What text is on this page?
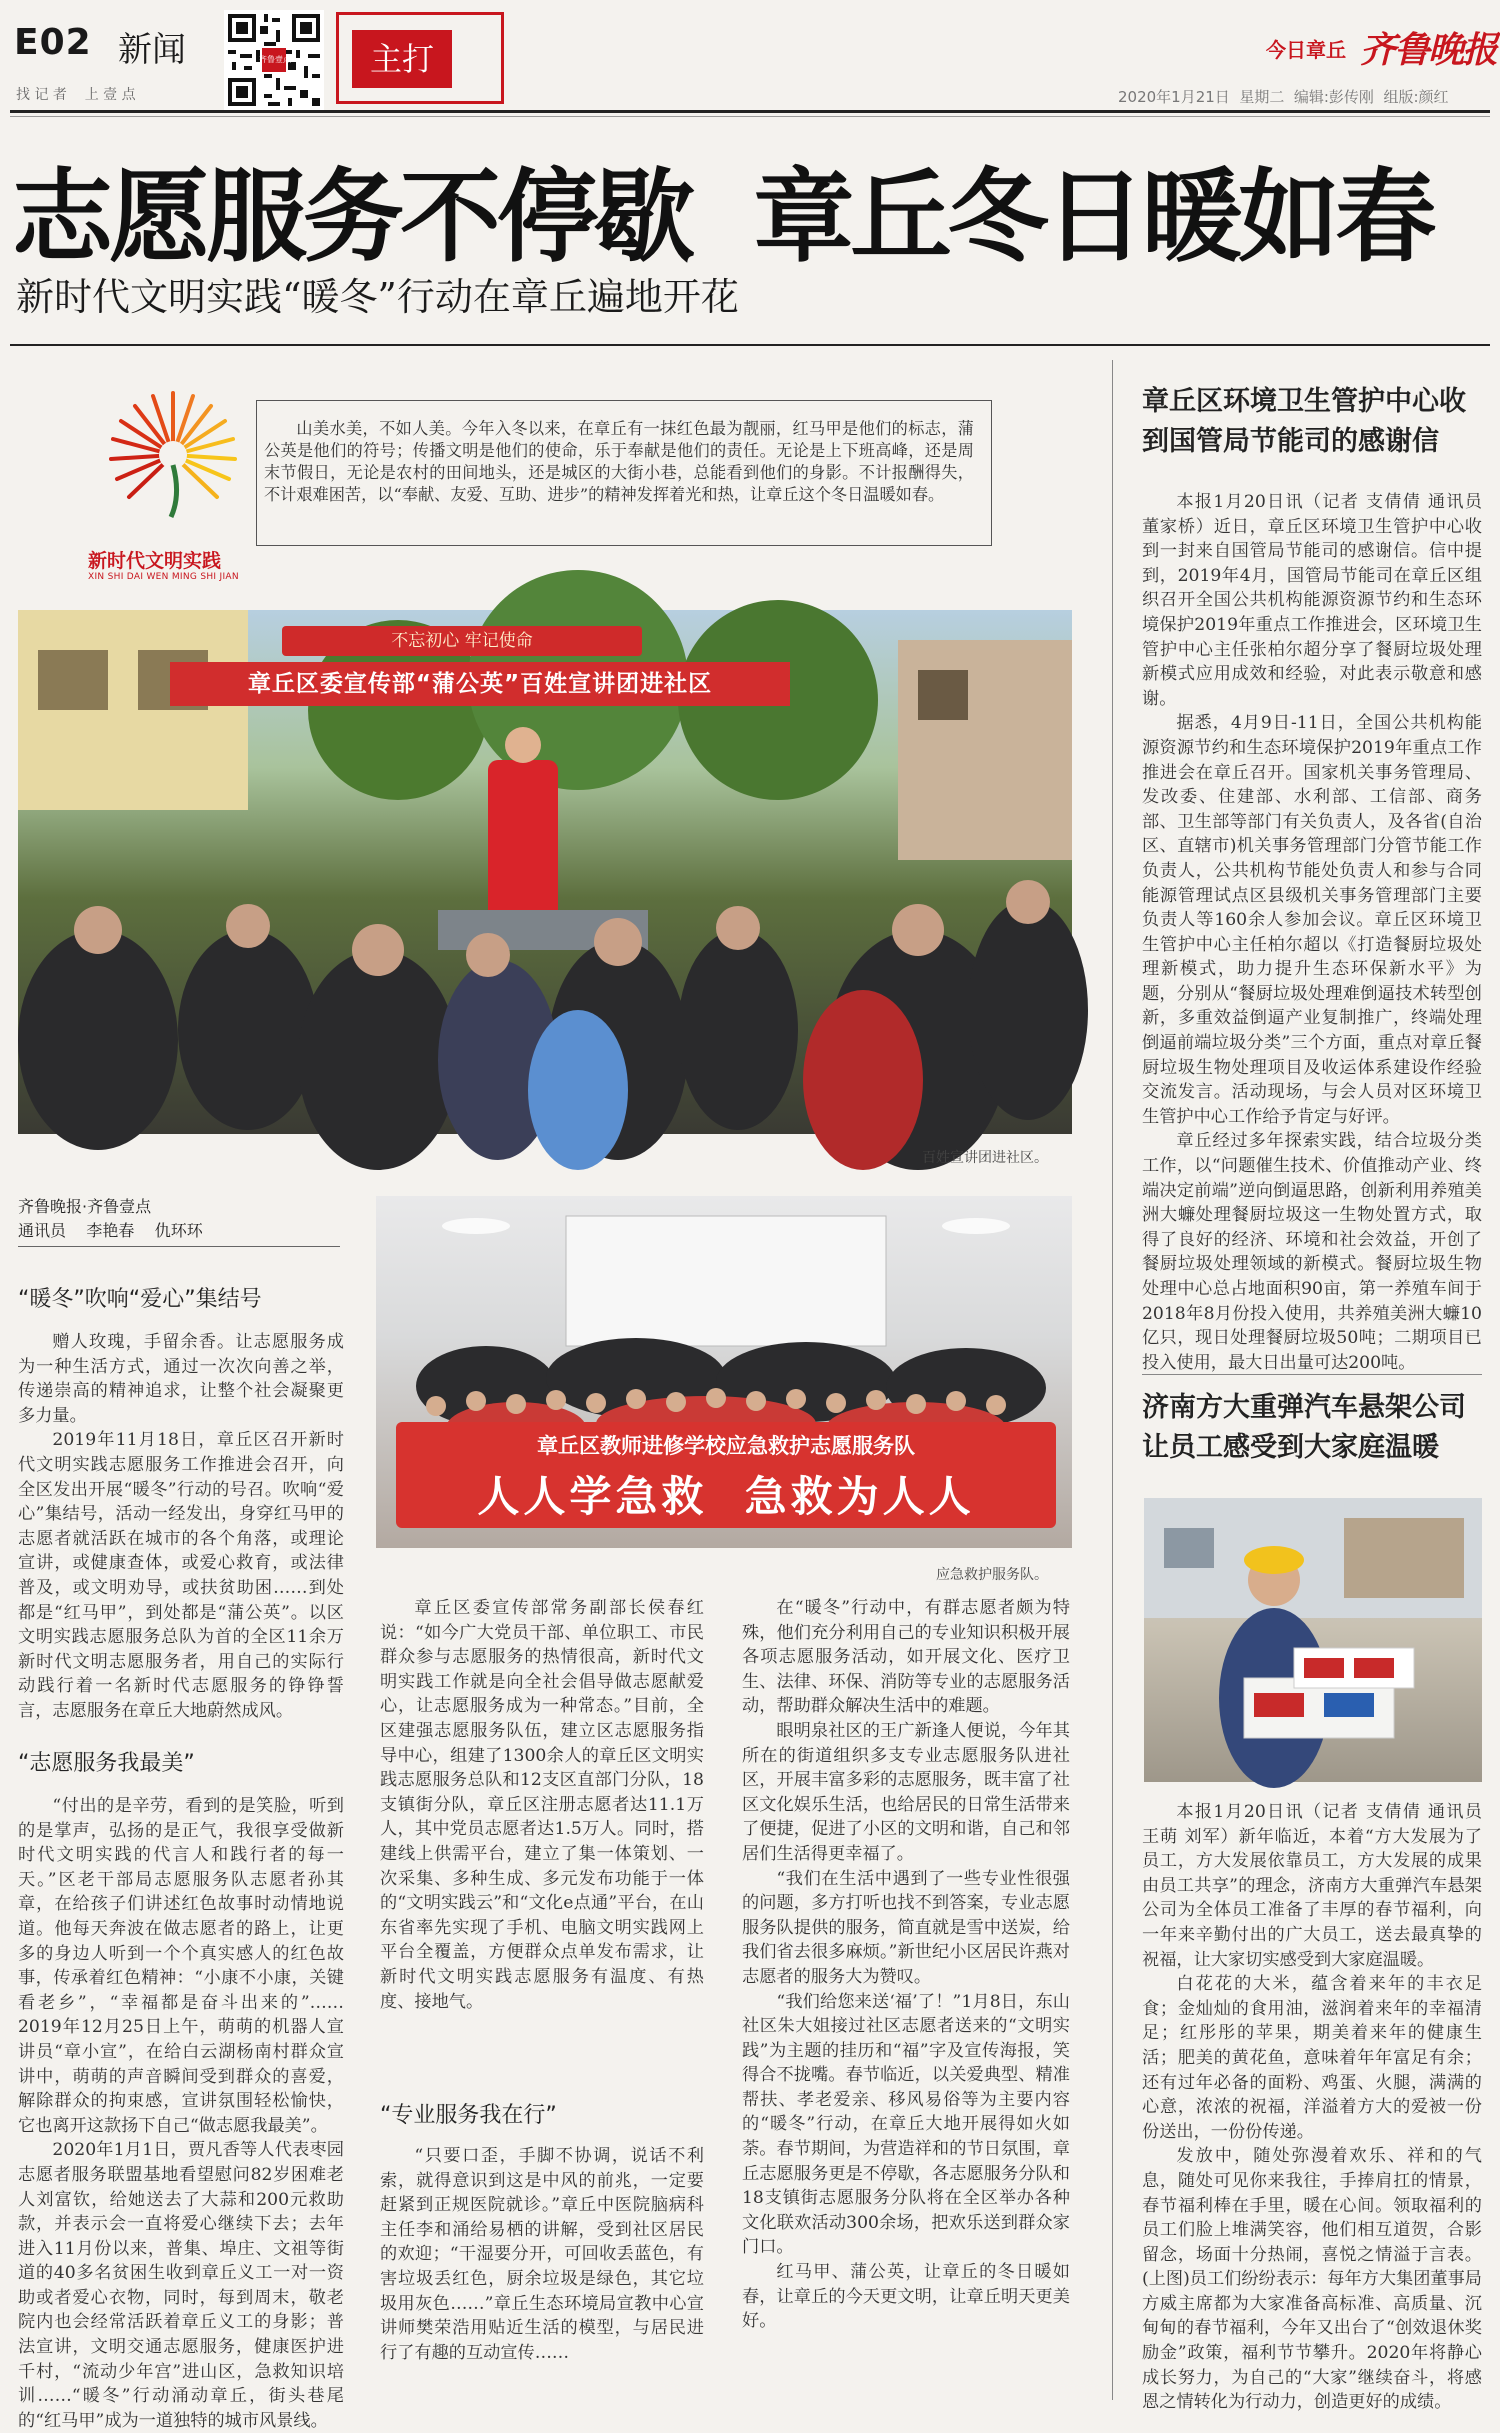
E02 新闻
找 记 者    上 壹 点
齐鲁壹点	主打	今日章丘 齐鲁晚报
2020年1月21日  星期二  编辑:彭传刚  组版:颜红
志愿服务不停歇  章丘冬日暖如春
新时代文明实践“暖冬”行动在章丘遍地开花
新时代文明实践
XIN SHI DAI WEN MING SHI JIAN

山美水美，不如人美。今年入冬以来，在章丘有一抹红色最为靓丽，红马甲是他们的标志，蒲公英是他们的符号；传播文明是他们的使命，乐于奉献是他们的责任。无论是上下班高峰，还是周末节假日，无论是农村的田间地头，还是城区的大街小巷，总能看到他们的身影。不计报酬得失，不计艰难困苦，以“奉献、友爱、互助、进步”的精神发挥着光和热，让章丘这个冬日温暖如春。

不忘初心 牢记使命
章丘区委宣传部“蒲公英”百姓宣讲团进社区
百姓宣讲团进社区。
齐鲁晚报·齐鲁壹点
通讯员    李艳春    仇环环
章丘区教师进修学校应急救护志愿服务队
人人学急救  急救为人人
应急救护服务队。
“暖冬”吹响“爱心”集结号

赠人玫瑰，手留余香。让志愿服务成为一种生活方式，通过一次次向善之举，传递崇高的精神追求，让整个社会凝聚更多力量。

2019年11月18日，章丘区召开新时代文明实践志愿服务工作推进会召开，向全区发出开展“暖冬”行动的号召。吹响“爱心”集结号，活动一经发出，身穿红马甲的志愿者就活跃在城市的各个角落，或理论宣讲，或健康查体，或爱心救育，或法律普及，或文明劝导，或扶贫助困……到处都是“红马甲”，到处都是“蒲公英”。以区文明实践志愿服务总队为首的全区11余万新时代文明志愿服务者，用自己的实际行动践行着一名新时代志愿服务的铮铮誓言，志愿服务在章丘大地蔚然成风。

“志愿服务我最美”

“付出的是辛劳，看到的是笑脸，听到的是掌声，弘扬的是正气，我很享受做新时代文明实践的代言人和践行者的每一天。”区老干部局志愿服务队志愿者孙其章，在给孩子们讲述红色故事时动情地说道。他每天奔波在做志愿者的路上，让更多的身边人听到一个个真实感人的红色故事，传承着红色精神：“小康不小康，关键看老乡”，“幸福都是奋斗出来的”……2019年12月25日上午，萌萌的机器人宣讲员“章小宣”，在给白云湖杨南村群众宣讲中，萌萌的声音瞬间受到群众的喜爱，解除群众的拘束感，宣讲氛围轻松愉快，它也离开这款扬下自己“做志愿我最美”。

2020年1月1日，贾凡香等人代表枣园志愿者服务联盟基地看望慰问82岁困难老人刘富钦，给她送去了大蒜和200元救助款，并表示会一直将爱心继续下去；去年进入11月份以来，普集、埠庄、文祖等街道的40多名贫困生收到章丘义工一对一资助或者爱心衣物，同时，每到周末，敬老院内也会经常活跃着章丘义工的身影；普法宣讲，文明交通志愿服务，健康医护进千村，“流动少年宫”进山区，急救知识培训……“暖冬”行动涌动章丘，街头巷尾的“红马甲”成为一道独特的城市风景线。

章丘区委宣传部常务副部长侯春红说：“如今广大党员干部、单位职工、市民群众参与志愿服务的热情很高，新时代文明实践工作就是向全社会倡导做志愿献爱心，让志愿服务成为一种常态。”目前，全区建强志愿服务队伍，建立区志愿服务指导中心，组建了1300余人的章丘区文明实践志愿服务总队和12支区直部门分队，18支镇街分队，章丘区注册志愿者达11.1万人，其中党员志愿者达1.5万人。同时，搭建线上供需平台，建立了集一体策划、一次采集、多种生成、多元发布功能于一体的“文明实践云”和“文化e点通”平台，在山东省率先实现了手机、电脑文明实践网上平台全覆盖，方便群众点单发布需求，让新时代文明实践志愿服务有温度、有热度、接地气。

“专业服务我在行”

“只要口歪，手脚不协调，说话不利索，就得意识到这是中风的前兆，一定要赶紧到正规医院就诊。”章丘中医院脑病科主任李和涌给易栖的讲解，受到社区居民的欢迎；“干湿要分开，可回收丢蓝色，有害垃圾丢红色，厨余垃圾是绿色，其它垃圾用灰色……”章丘生态环境局宣教中心宣讲师樊荣浩用贴近生活的模型，与居民进行了有趣的互动宣传……

在“暖冬”行动中，有群志愿者颇为特殊，他们充分利用自己的专业知识积极开展各项志愿服务活动，如开展文化、医疗卫生、法律、环保、消防等专业的志愿服务活动，帮助群众解决生活中的难题。

眼明泉社区的王广新逢人便说，今年其所在的街道组织多支专业志愿服务队进社区，开展丰富多彩的志愿服务，既丰富了社区文化娱乐生活，也给居民的日常生活带来了便捷，促进了小区的文明和谐，自己和邻居们生活得更幸福了。

“我们在生活中遇到了一些专业性很强的问题，多方打听也找不到答案，专业志愿服务队提供的服务，简直就是雪中送炭，给我们省去很多麻烦。”新世纪小区居民许燕对志愿者的服务大为赞叹。

“我们给您来送‘福’了！”1月8日，东山社区朱大姐接过社区志愿者送来的“文明实践”为主题的挂历和“福”字及宣传海报，笑得合不拢嘴。春节临近，以关爱典型、精准帮扶、孝老爱亲、移风易俗等为主要内容的“暖冬”行动，在章丘大地开展得如火如荼。春节期间，为营造祥和的节日氛围，章丘志愿服务更是不停歇，各志愿服务分队和18支镇街志愿服务分队将在全区举办各种文化联欢活动300余场，把欢乐送到群众家门口。

红马甲、蒲公英，让章丘的冬日暖如春，让章丘的今天更文明，让章丘明天更美好。

章丘区环境卫生管护中心收到国管局节能司的感谢信

本报1月20日讯（记者 支倩倩 通讯员 董家桥）近日，章丘区环境卫生管护中心收到一封来自国管局节能司的感谢信。信中提到，2019年4月，国管局节能司在章丘区组织召开全国公共机构能源资源节约和生态环境保护2019年重点工作推进会，区环境卫生管护中心主任张柏尔超分享了餐厨垃圾处理新模式应用成效和经验，对此表示敬意和感谢。

据悉，4月9日-11日，全国公共机构能源资源节约和生态环境保护2019年重点工作推进会在章丘召开。国家机关事务管理局、发改委、住建部、水利部、工信部、商务部、卫生部等部门有关负责人，及各省(自治区、直辖市)机关事务管理部门分管节能工作负责人，公共机构节能处负责人和参与合同能源管理试点区县级机关事务管理部门主要负责人等160余人参加会议。章丘区环境卫生管护中心主任柏尔超以《打造餐厨垃圾处理新模式，助力提升生态环保新水平》为题，分别从“餐厨垃圾处理难倒逼技术转型创新，多重效益倒逼产业复制推广，终端处理倒逼前端垃圾分类”三个方面，重点对章丘餐厨垃圾生物处理项目及收运体系建设作经验交流发言。活动现场，与会人员对区环境卫生管护中心工作给予肯定与好评。

章丘经过多年探索实践，结合垃圾分类工作，以“问题催生技术、价值推动产业、终端决定前端”逆向倒逼思路，创新利用养殖美洲大蠊处理餐厨垃圾这一生物处置方式，取得了良好的经济、环境和社会效益，开创了餐厨垃圾处理领域的新模式。餐厨垃圾生物处理中心总占地面积90亩，第一养殖车间于2018年8月份投入使用，共养殖美洲大蠊10亿只，现日处理餐厨垃圾50吨；二期项目已投入使用，最大日出量可达200吨。

济南方大重弹汽车悬架公司让员工感受到大家庭温暖

本报1月20日讯（记者 支倩倩 通讯员 王萌 刘军）新年临近，本着“方大发展为了员工，方大发展依靠员工，方大发展的成果由员工共享”的理念，济南方大重弹汽车悬架公司为全体员工准备了丰厚的春节福利，向一年来辛勤付出的广大员工，送去最真挚的祝福，让大家切实感受到大家庭温暖。

白花花的大米，蕴含着来年的丰衣足食；金灿灿的食用油，滋润着来年的幸福清足；红彤彤的苹果，期美着来年的健康生活；肥美的黄花鱼，意味着年年富足有余；还有过年必备的面粉、鸡蛋、火腿，满满的心意，浓浓的祝福，洋溢着方大的爱被一份份送出，一份份传递。

发放中，随处弥漫着欢乐、祥和的气息，随处可见你来我往，手捧肩扛的情景，春节福利棒在手里，暖在心间。领取福利的员工们脸上堆满笑容，他们相互道贺，合影留念，场面十分热闹，喜悦之情溢于言表。(上图)员工们纷纷表示：每年方大集团董事局方威主席都为大家准备高标准、高质量、沉甸甸的春节福利，今年又出台了“创效退休奖励金”政策，福利节节攀升。2020年将静心成长努力，为自己的“大家”继续奋斗，将感恩之情转化为行动力，创造更好的成绩。
